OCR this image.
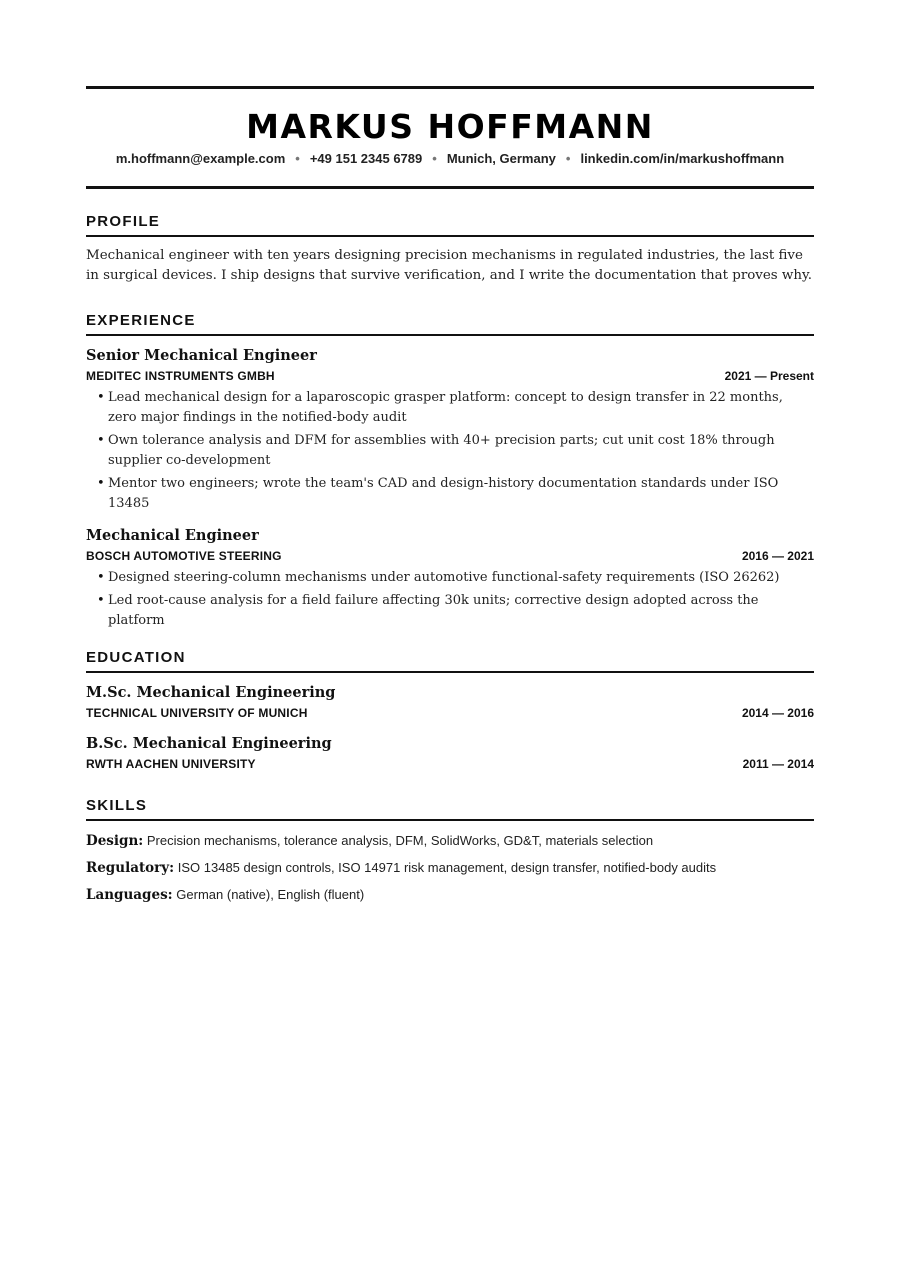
MARKUS HOFFMANN
m.hoffmann@example.com • +49 151 2345 6789 • Munich, Germany • linkedin.com/in/markushoffmann
PROFILE
Mechanical engineer with ten years designing precision mechanisms in regulated industries, the last five in surgical devices. I ship designs that survive verification, and I write the documentation that proves why.
EXPERIENCE
Senior Mechanical Engineer
MEDITEC INSTRUMENTS GMBH	2021 — Present
• Lead mechanical design for a laparoscopic grasper platform: concept to design transfer in 22 months, zero major findings in the notified-body audit
• Own tolerance analysis and DFM for assemblies with 40+ precision parts; cut unit cost 18% through supplier co-development
• Mentor two engineers; wrote the team's CAD and design-history documentation standards under ISO 13485
Mechanical Engineer
BOSCH AUTOMOTIVE STEERING	2016 — 2021
• Designed steering-column mechanisms under automotive functional-safety requirements (ISO 26262)
• Led root-cause analysis for a field failure affecting 30k units; corrective design adopted across the platform
EDUCATION
M.Sc. Mechanical Engineering
TECHNICAL UNIVERSITY OF MUNICH	2014 — 2016
B.Sc. Mechanical Engineering
RWTH AACHEN UNIVERSITY	2011 — 2014
SKILLS
Design: Precision mechanisms, tolerance analysis, DFM, SolidWorks, GD&T, materials selection
Regulatory: ISO 13485 design controls, ISO 14971 risk management, design transfer, notified-body audits
Languages: German (native), English (fluent)
